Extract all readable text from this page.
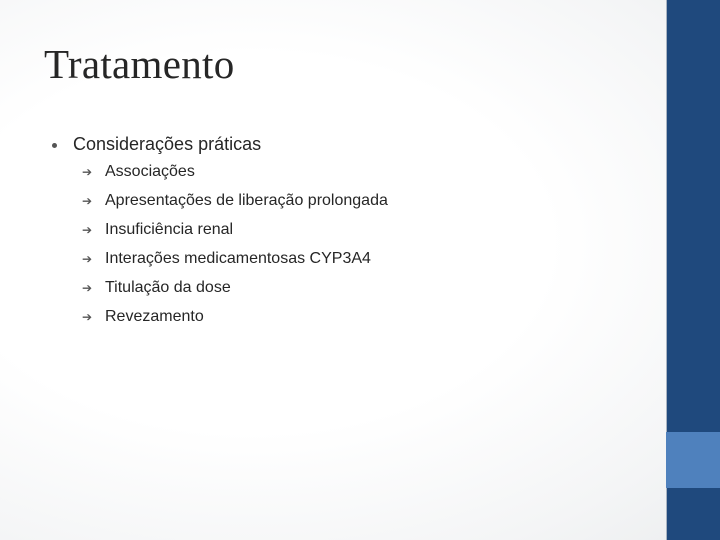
Tratamento
Considerações práticas
➔ Associações
➔ Apresentações de liberação prolongada
➔ Insuficiência renal
➔ Interações medicamentosas CYP3A4
➔ Titulação da dose
➔ Revezamento
